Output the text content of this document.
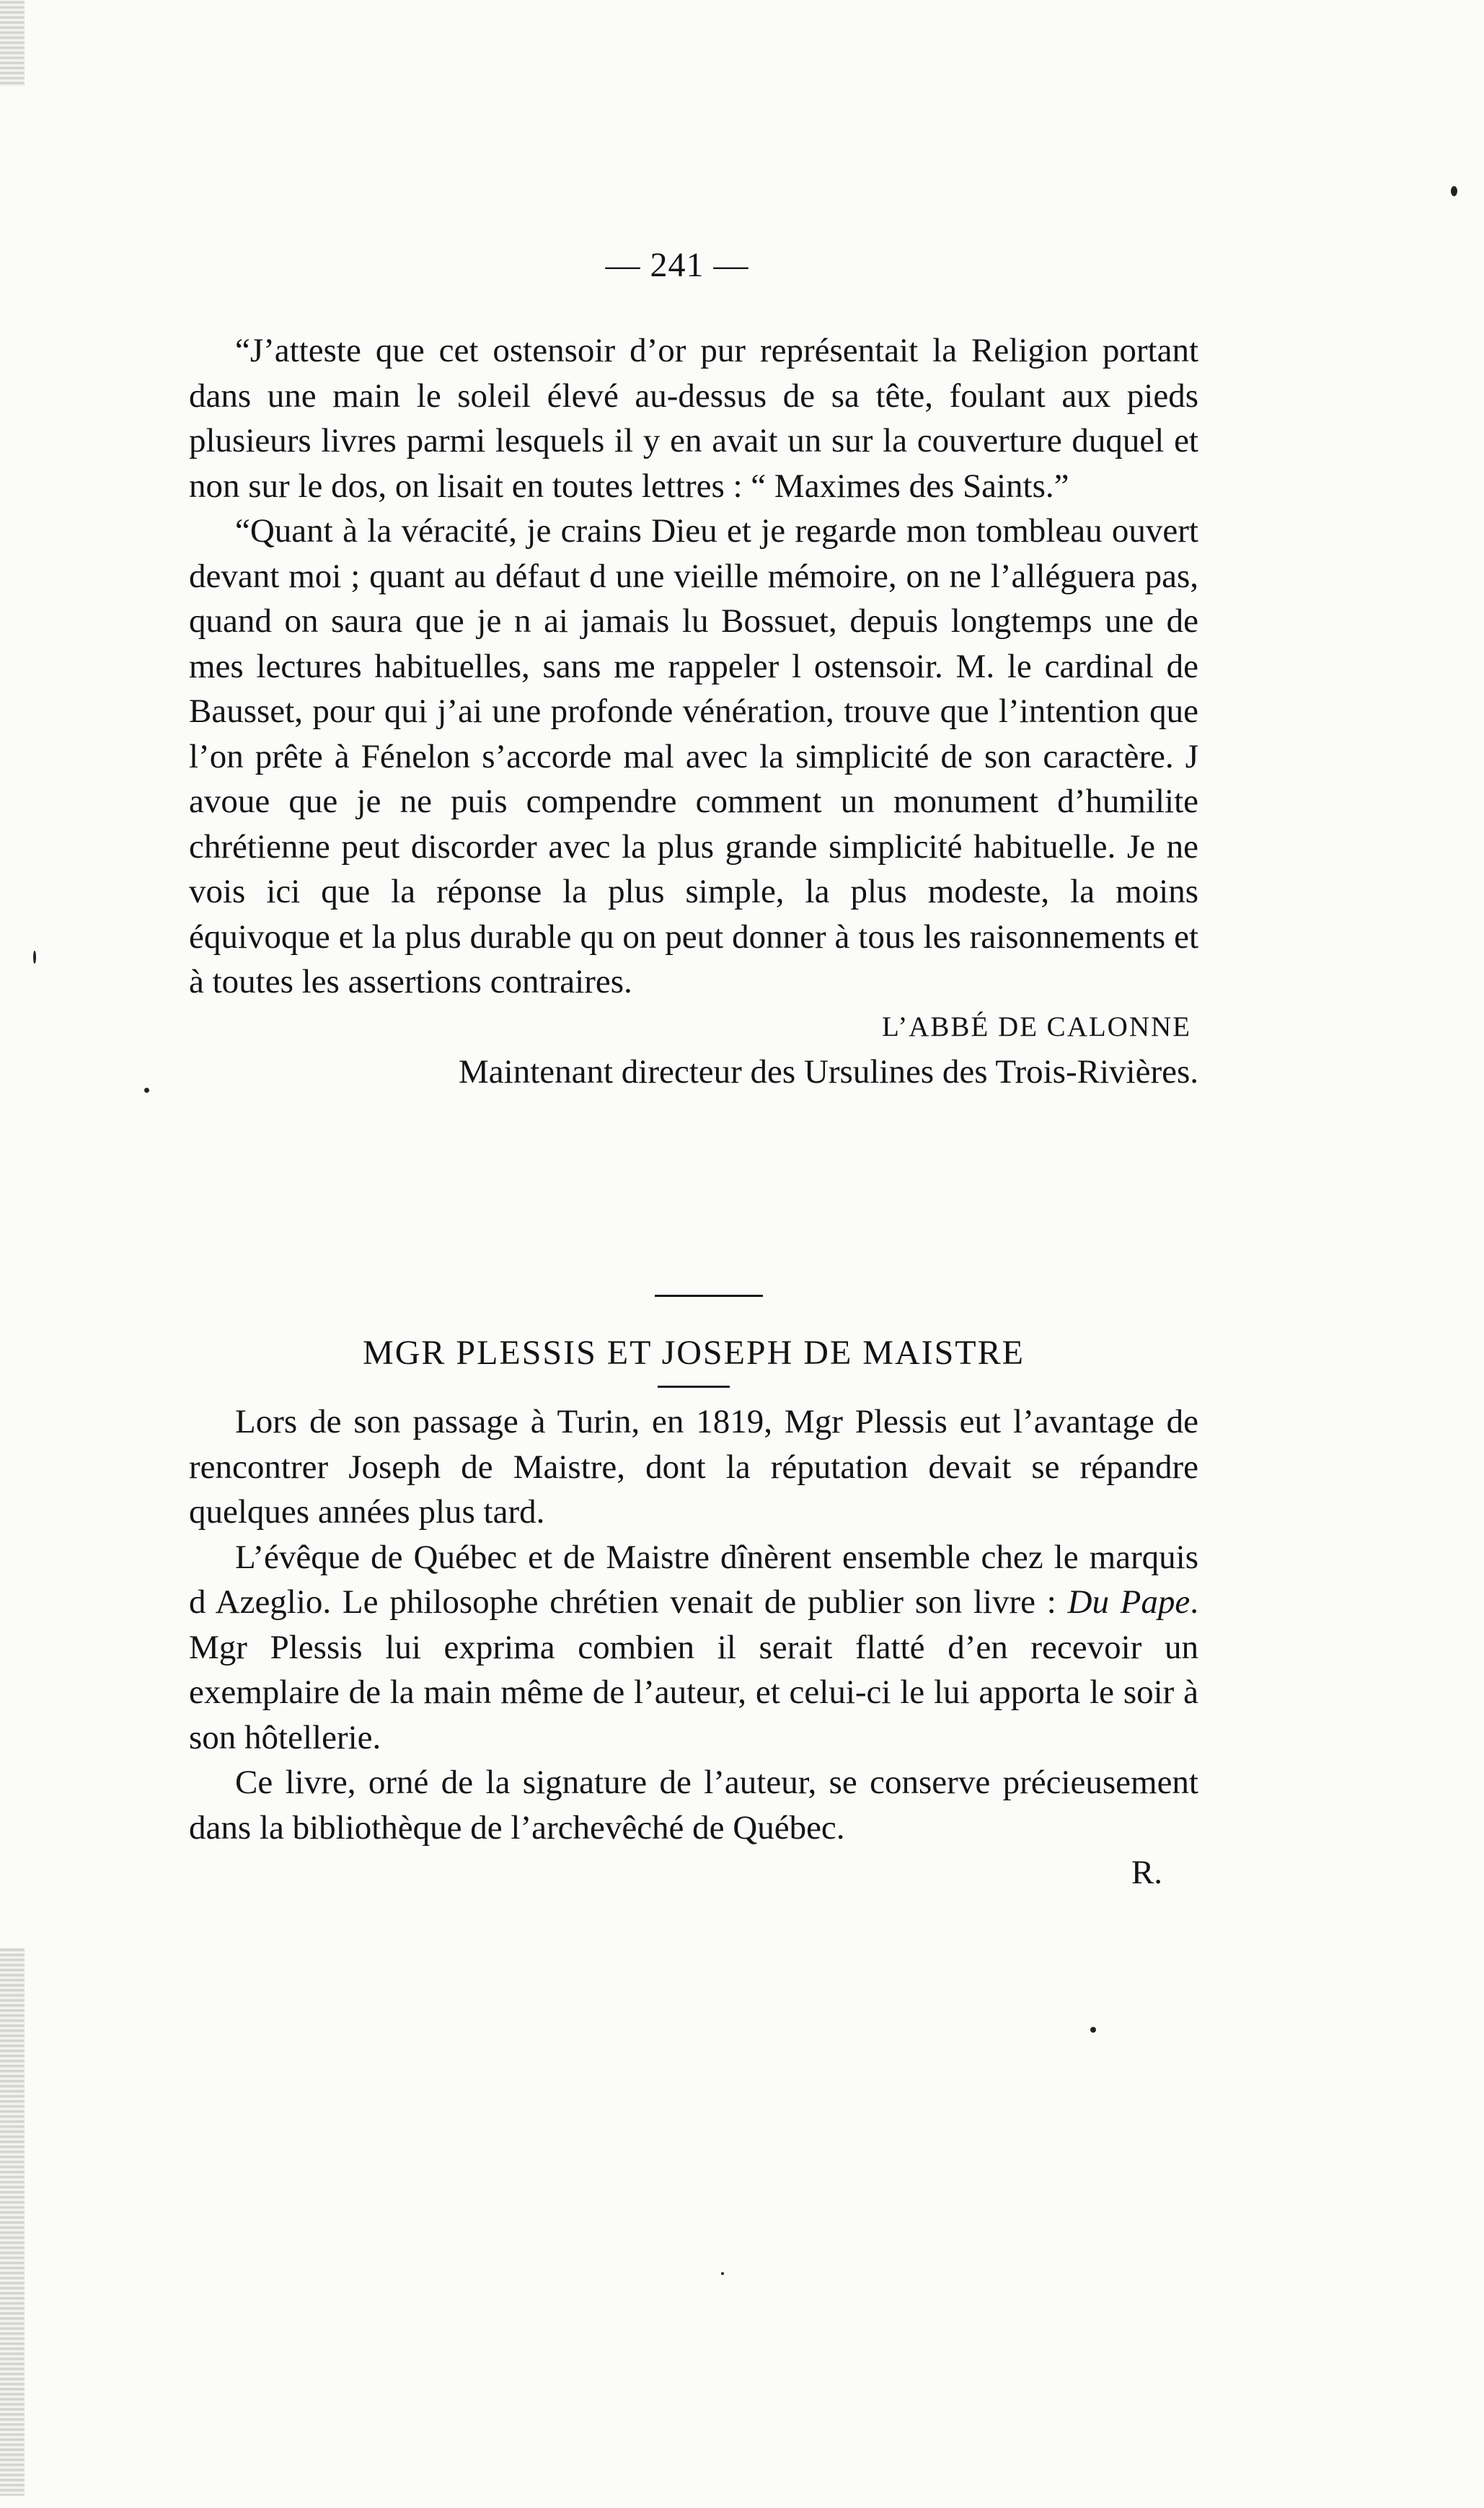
— 241 —

“J’atteste que cet ostensoir d’or pur représentait la Religion portant dans une main le soleil élevé au-dessus de sa tête, foulant aux pieds plusieurs livres parmi lesquels il y en avait un sur la couverture duquel et non sur le dos, on lisait en toutes lettres : “ Maximes des Saints.”

“Quant à la véracité, je crains Dieu et je regarde mon tombleau ouvert devant moi ; quant au défaut d une vieille mémoire, on ne l’alléguera pas, quand on saura que je n ai jamais lu Bossuet, depuis longtemps une de mes lectures habituelles, sans me rappeler l ostensoir. M. le cardinal de Bausset, pour qui j’ai une profonde vénération, trouve que l’intention que l’on prête à Fénelon s’accorde mal avec la simplicité de son caractère. J avoue que je ne puis compendre comment un monument d’humilite chrétienne peut discorder avec la plus grande simplicité habituelle. Je ne vois ici que la réponse la plus simple, la plus modeste, la moins équivoque et la plus durable qu on peut donner à tous les raisonnements et à toutes les assertions contraires.

L’ABBÉ DE CALONNE

Maintenant directeur des Ursulines des Trois-Rivières.

MGR PLESSIS ET JOSEPH DE MAISTRE

Lors de son passage à Turin, en 1819, Mgr Plessis eut l’avantage de rencontrer Joseph de Maistre, dont la réputation devait se répandre quelques années plus tard.

L’évêque de Québec et de Maistre dînèrent ensemble chez le marquis d Azeglio. Le philosophe chrétien venait de publier son livre : Du Pape. Mgr Plessis lui exprima combien il serait flatté d’en recevoir un exemplaire de la main même de l’auteur, et celui-ci le lui apporta le soir à son hôtellerie.

Ce livre, orné de la signature de l’auteur, se conserve précieusement dans la bibliothèque de l’archevêché de Québec.

R.
